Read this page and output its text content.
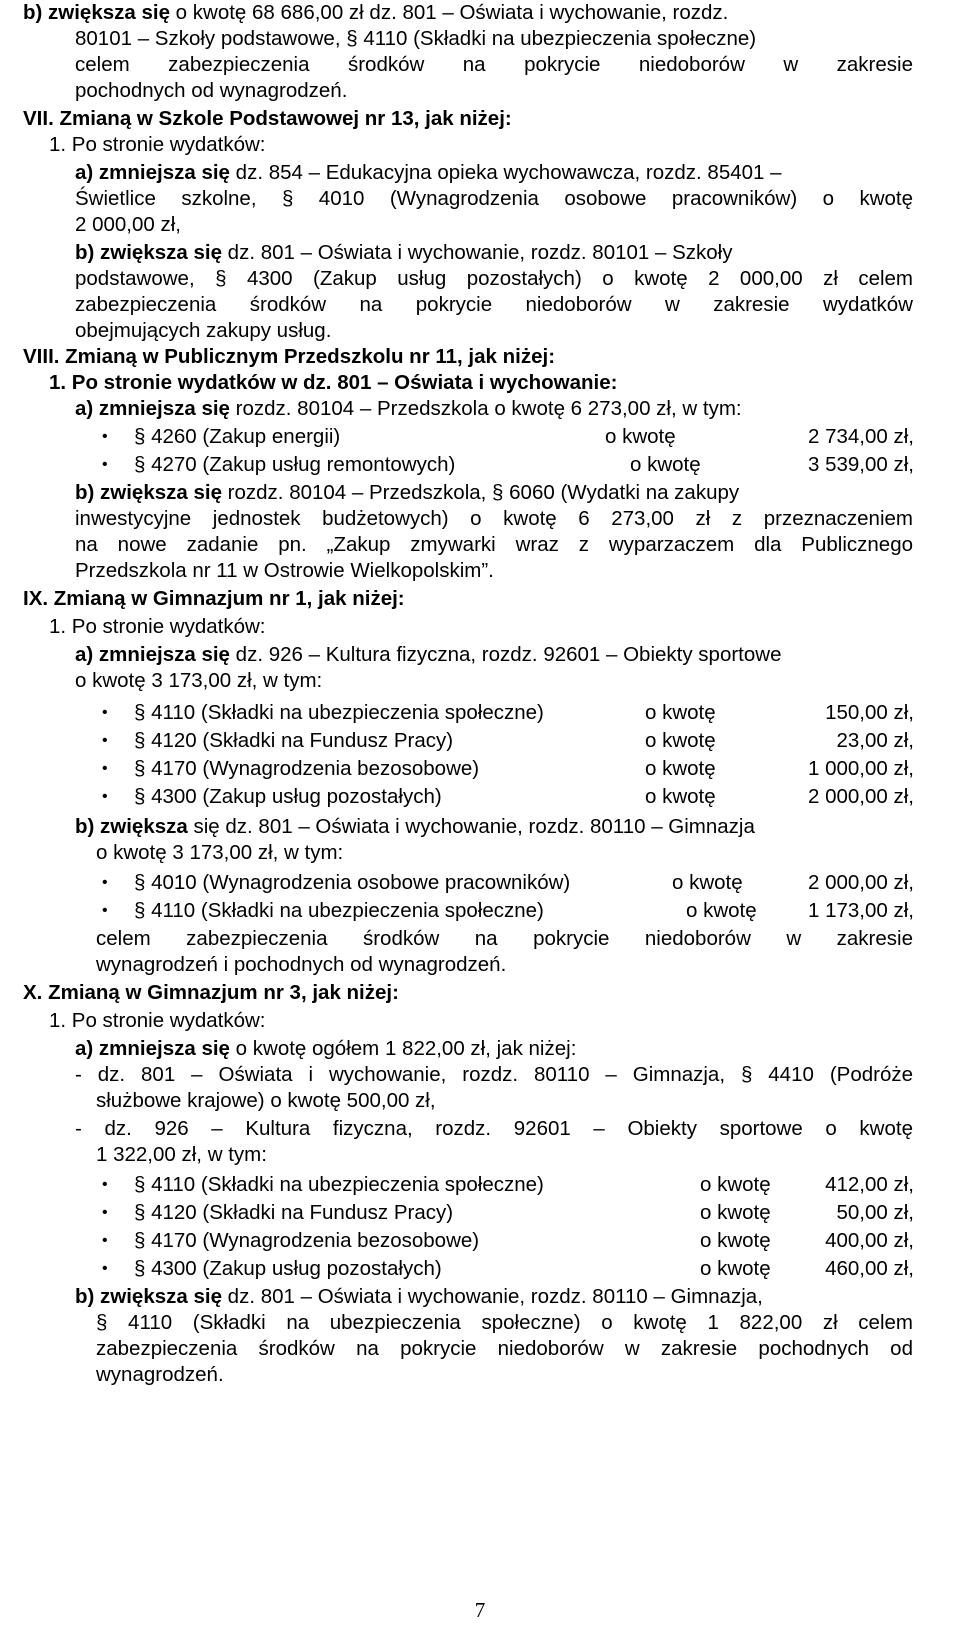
b) zwiększa się o kwotę 68 686,00 zł dz. 801 – Oświata i wychowanie, rozdz.
80101 – Szkoły podstawowe, § 4110 (Składki na ubezpieczenia społeczne)
celem zabezpieczenia środków na pokrycie niedoborów w zakresie
pochodnych od wynagrodzeń.
VII. Zmianą w Szkole Podstawowej nr 13, jak niżej:
1. Po stronie wydatków:
a) zmniejsza się dz. 854 – Edukacyjna opieka wychowawcza, rozdz. 85401 –
Świetlice szkolne, § 4010 (Wynagrodzenia osobowe pracowników) o kwotę
2 000,00 zł,
b) zwiększa się dz. 801 – Oświata i wychowanie, rozdz. 80101 – Szkoły
podstawowe, § 4300 (Zakup usług pozostałych) o kwotę 2 000,00 zł celem
zabezpieczenia środków na pokrycie niedoborów w zakresie wydatków
obejmujących zakupy usług.
VIII. Zmianą w Publicznym Przedszkolu nr 11, jak niżej:
1. Po stronie wydatków w dz. 801 – Oświata i wychowanie:
a) zmniejsza się rozdz. 80104 – Przedszkola o kwotę 6 273,00 zł, w tym:
• § 4260 (Zakup energii)	o kwotę	2 734,00 zł,
• § 4270 (Zakup usług remontowych)	o kwotę	3 539,00 zł,
b) zwiększa się rozdz. 80104 – Przedszkola, § 6060 (Wydatki na zakupy
inwestycyjne jednostek budżetowych) o kwotę 6 273,00 zł z przeznaczeniem
na nowe zadanie pn. „Zakup zmywarki wraz z wyparzaczem dla Publicznego
Przedszkola nr 11 w Ostrowie Wielkopolskim”.
IX. Zmianą w Gimnazjum nr 1, jak niżej:
1. Po stronie wydatków:
a) zmniejsza się dz. 926 – Kultura fizyczna, rozdz. 92601 – Obiekty sportowe
o kwotę 3 173,00 zł, w tym:
• § 4110 (Składki na ubezpieczenia społeczne)	o kwotę	150,00 zł,
• § 4120 (Składki na Fundusz Pracy)	o kwotę	23,00 zł,
• § 4170 (Wynagrodzenia bezosobowe)	o kwotę	1 000,00 zł,
• § 4300 (Zakup usług pozostałych)	o kwotę	2 000,00 zł,
b) zwiększa się dz. 801 – Oświata i wychowanie, rozdz. 80110 – Gimnazja
o kwotę 3 173,00 zł, w tym:
• § 4010 (Wynagrodzenia osobowe pracowników)	o kwotę	2 000,00 zł,
• § 4110 (Składki na ubezpieczenia społeczne)	o kwotę	1 173,00 zł,
celem zabezpieczenia środków na pokrycie niedoborów w zakresie
wynagrodzeń i pochodnych od wynagrodzeń.
X. Zmianą w Gimnazjum nr 3, jak niżej:
1. Po stronie wydatków:
a) zmniejsza się o kwotę ogółem 1 822,00 zł, jak niżej:
- dz. 801 – Oświata i wychowanie, rozdz. 80110 – Gimnazja, § 4410 (Podróże
służbowe krajowe) o kwotę 500,00 zł,
- dz. 926 – Kultura fizyczna, rozdz. 92601 – Obiekty sportowe o kwotę
1 322,00 zł, w tym:
• § 4110 (Składki na ubezpieczenia społeczne)	o kwotę	412,00 zł,
• § 4120 (Składki na Fundusz Pracy)	o kwotę	50,00 zł,
• § 4170 (Wynagrodzenia bezosobowe)	o kwotę	400,00 zł,
• § 4300 (Zakup usług pozostałych)	o kwotę	460,00 zł,
b) zwiększa się dz. 801 – Oświata i wychowanie, rozdz. 80110 – Gimnazja,
§ 4110 (Składki na ubezpieczenia społeczne) o kwotę 1 822,00 zł celem
zabezpieczenia środków na pokrycie niedoborów w zakresie pochodnych od
wynagrodzeń.
7
